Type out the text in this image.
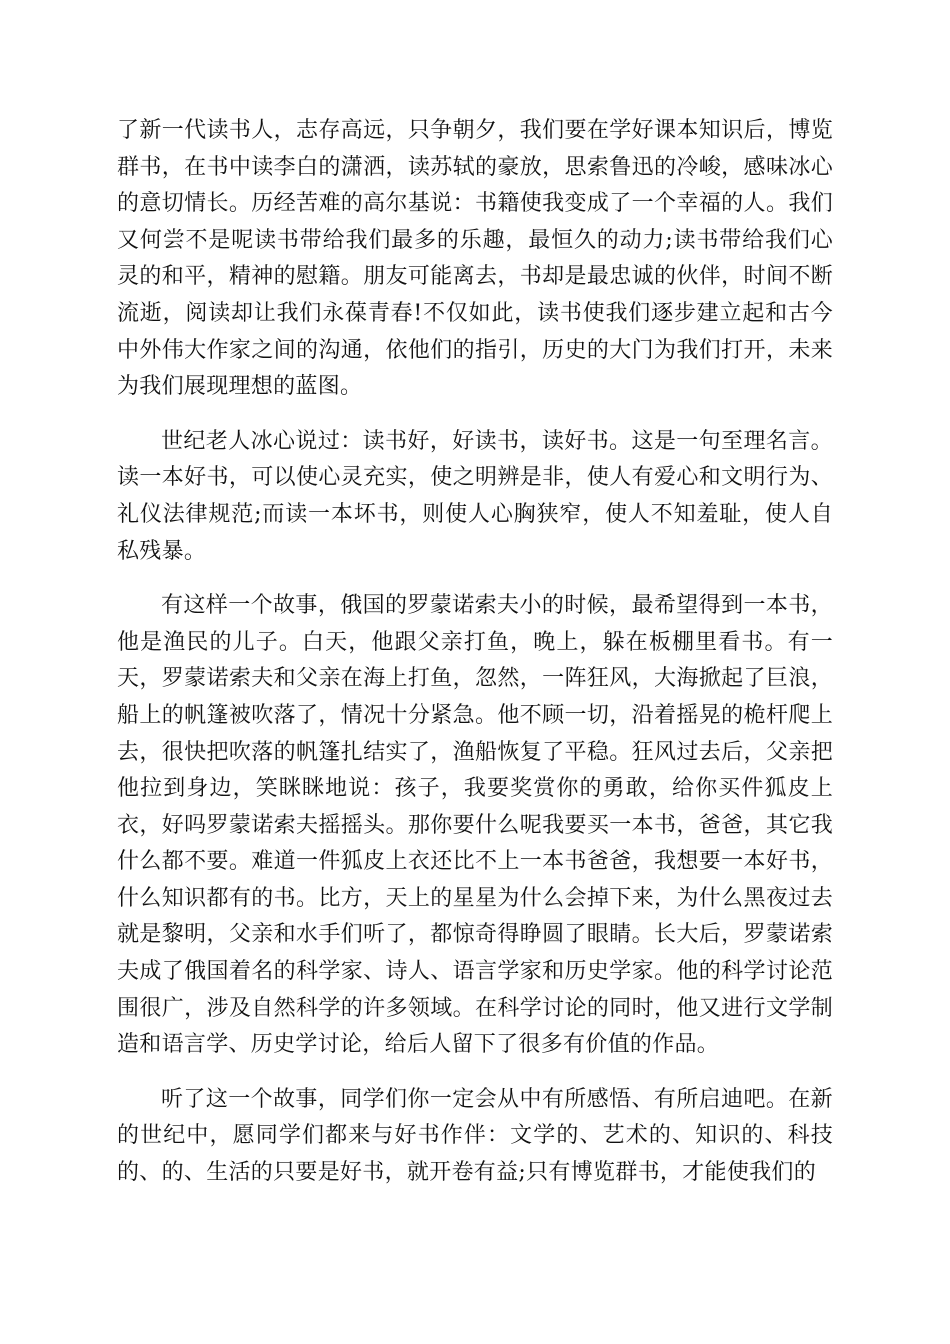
了新一代读书人，志存高远，只争朝夕，我们要在学好课本知识后，博览群书，在书中读李白的潇洒，读苏轼的豪放，思索鲁迅的冷峻，感味冰心的意切情长。历经苦难的高尔基说：书籍使我变成了一个幸福的人。我们又何尝不是呢读书带给我们最多的乐趣，最恒久的动力;读书带给我们心灵的和平，精神的慰籍。朋友可能离去，书却是最忠诚的伙伴，时间不断流逝，阅读却让我们永葆青春!不仅如此，读书使我们逐步建立起和古今中外伟大作家之间的沟通，依他们的指引，历史的大门为我们打开，未来为我们展现理想的蓝图。

世纪老人冰心说过：读书好，好读书，读好书。这是一句至理名言。读一本好书，可以使心灵充实，使之明辨是非，使人有爱心和文明行为、礼仪法律规范;而读一本坏书，则使人心胸狭窄，使人不知羞耻，使人自私残暴。

有这样一个故事，俄国的罗蒙诺索夫小的时候，最希望得到一本书，他是渔民的儿子。白天，他跟父亲打鱼，晚上，躲在板棚里看书。有一天，罗蒙诺索夫和父亲在海上打鱼，忽然，一阵狂风，大海掀起了巨浪，船上的帆篷被吹落了，情况十分紧急。他不顾一切，沿着摇晃的桅杆爬上去，很快把吹落的帆篷扎结实了，渔船恢复了平稳。狂风过去后，父亲把他拉到身边，笑眯眯地说：孩子，我要奖赏你的勇敢，给你买件狐皮上衣，好吗罗蒙诺索夫摇摇头。那你要什么呢我要买一本书，爸爸，其它我什么都不要。难道一件狐皮上衣还比不上一本书爸爸，我想要一本好书，什么知识都有的书。比方，天上的星星为什么会掉下来，为什么黑夜过去就是黎明，父亲和水手们听了，都惊奇得睁圆了眼睛。长大后，罗蒙诺索夫成了俄国着名的科学家、诗人、语言学家和历史学家。他的科学讨论范围很广，涉及自然科学的许多领域。在科学讨论的同时，他又进行文学制造和语言学、历史学讨论，给后人留下了很多有价值的作品。

听了这一个故事，同学们你一定会从中有所感悟、有所启迪吧。在新的世纪中，愿同学们都来与好书作伴：文学的、艺术的、知识的、科技的、的、生活的只要是好书，就开卷有益;只有博览群书，才能使我们的
